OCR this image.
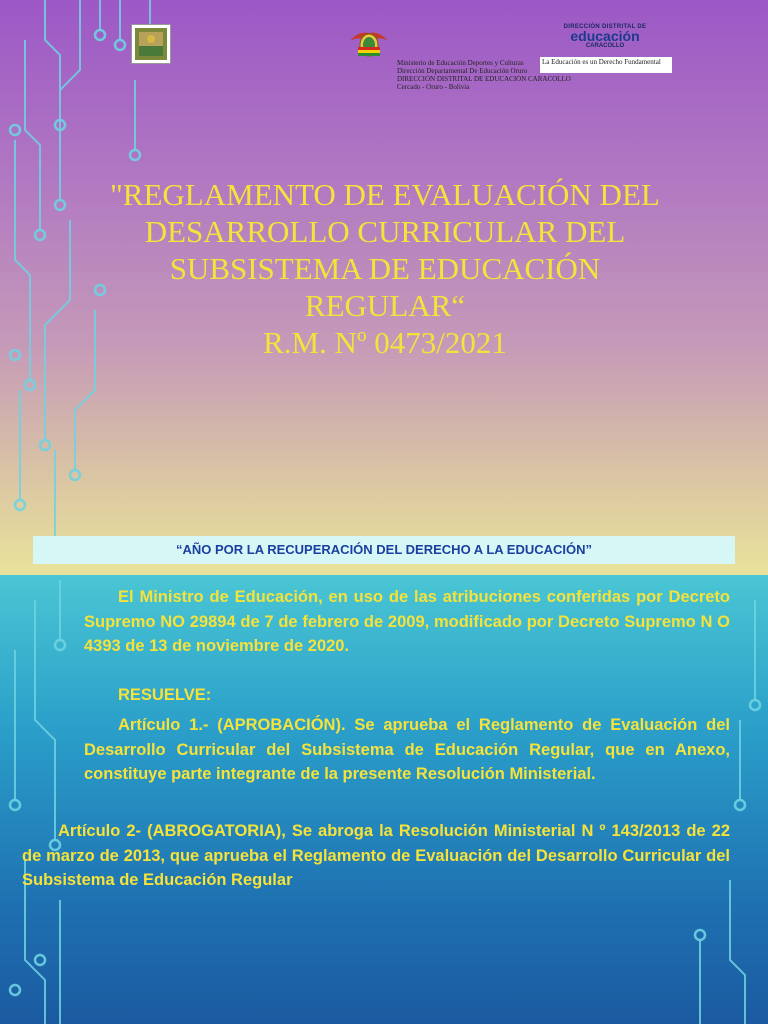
Ministerio de Educación Deportes y Culturas
Dirección Departamental De Educación Oruro
DIRECCIÓN DISTRITAL DE EDUCACIÓN CARACOLLO
Cercado - Oruro - Bolivia
DIRECCIÓN DISTRITAL DE
educación
CARACOLLO
La Educación es un Derecho Fundamental
"REGLAMENTO DE EVALUACIÓN DEL
DESARROLLO CURRICULAR DEL
SUBSISTEMA DE EDUCACIÓN
REGULAR“
R.M. Nº 0473/2021
“AÑO POR LA RECUPERACIÓN DEL DERECHO A LA EDUCACIÓN”
El Ministro de Educación, en uso de las atribuciones conferidas por Decreto Supremo NO 29894 de 7 de febrero de 2009, modificado por Decreto Supremo N O 4393 de 13 de noviembre de 2020.
RESUELVE:
Artículo 1.- (APROBACIÓN). Se aprueba el Reglamento de Evaluación del Desarrollo Curricular del Subsistema de Educación Regular, que en Anexo, constituye parte integrante de la presente Resolución Ministerial.
Artículo 2- (ABROGATORIA), Se abroga la Resolución Ministerial N º 143/2013 de 22 de marzo de 2013, que aprueba el Reglamento de Evaluación del Desarrollo Curricular del Subsistema de Educación Regular
